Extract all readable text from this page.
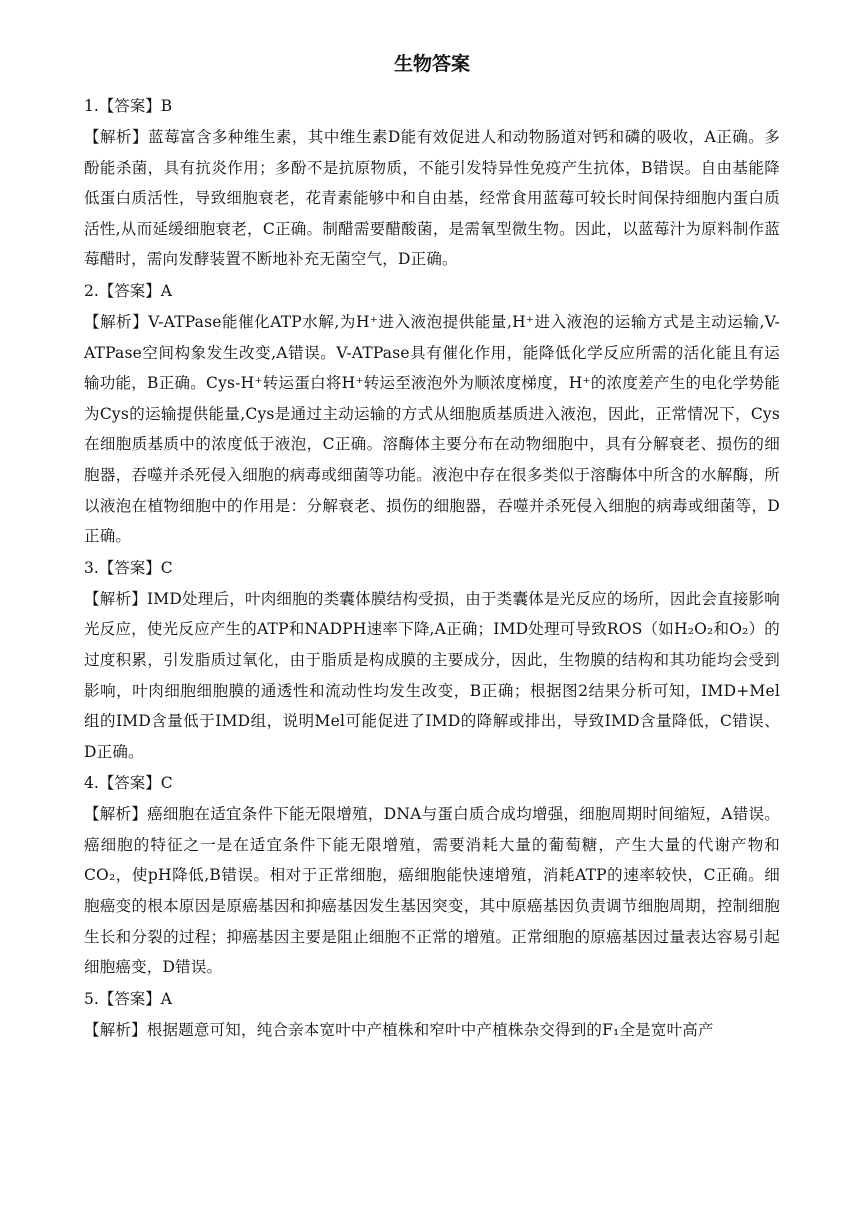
生物答案

1.【答案】B

【解析】蓝莓富含多种维生素，其中维生素D能有效促进人和动物肠道对钙和磷的吸收，A正确。多酚能杀菌，具有抗炎作用；多酚不是抗原物质，不能引发特异性免疫产生抗体，B错误。自由基能降低蛋白质活性，导致细胞衰老，花青素能够中和自由基，经常食用蓝莓可较长时间保持细胞内蛋白质活性,从而延缓细胞衰老，C正确。制醋需要醋酸菌，是需氧型微生物。因此，以蓝莓汁为原料制作蓝莓醋时，需向发酵装置不断地补充无菌空气，D正确。

2.【答案】A

【解析】V-ATPase能催化ATP水解,为H⁺进入液泡提供能量,H⁺进入液泡的运输方式是主动运输,V-ATPase空间构象发生改变,A错误。V-ATPase具有催化作用，能降低化学反应所需的活化能且有运输功能，B正确。Cys-H⁺转运蛋白将H⁺转运至液泡外为顺浓度梯度，H⁺的浓度差产生的电化学势能为Cys的运输提供能量,Cys是通过主动运输的方式从细胞质基质进入液泡，因此，正常情况下，Cys在细胞质基质中的浓度低于液泡，C正确。溶酶体主要分布在动物细胞中，具有分解衰老、损伤的细胞器，吞噬并杀死侵入细胞的病毒或细菌等功能。液泡中存在很多类似于溶酶体中所含的水解酶，所以液泡在植物细胞中的作用是：分解衰老、损伤的细胞器，吞噬并杀死侵入细胞的病毒或细菌等，D正确。

3.【答案】C

【解析】IMD处理后，叶肉细胞的类囊体膜结构受损，由于类囊体是光反应的场所，因此会直接影响光反应，使光反应产生的ATP和NADPH速率下降,A正确；IMD处理可导致ROS（如H₂O₂和O₂）的过度积累，引发脂质过氧化，由于脂质是构成膜的主要成分，因此，生物膜的结构和其功能均会受到影响，叶肉细胞细胞膜的通透性和流动性均发生改变，B正确；根据图2结果分析可知，IMD+Mel组的IMD含量低于IMD组，说明Mel可能促进了IMD的降解或排出，导致IMD含量降低，C错误、D正确。

4.【答案】C

【解析】癌细胞在适宜条件下能无限增殖，DNA与蛋白质合成均增强，细胞周期时间缩短，A错误。癌细胞的特征之一是在适宜条件下能无限增殖，需要消耗大量的葡萄糖，产生大量的代谢产物和CO₂，使pH降低,B错误。相对于正常细胞，癌细胞能快速增殖，消耗ATP的速率较快，C正确。细胞癌变的根本原因是原癌基因和抑癌基因发生基因突变，其中原癌基因负责调节细胞周期，控制细胞生长和分裂的过程；抑癌基因主要是阻止细胞不正常的增殖。正常细胞的原癌基因过量表达容易引起细胞癌变，D错误。

5.【答案】A

【解析】根据题意可知，纯合亲本宽叶中产植株和窄叶中产植株杂交得到的F₁全是宽叶高产
